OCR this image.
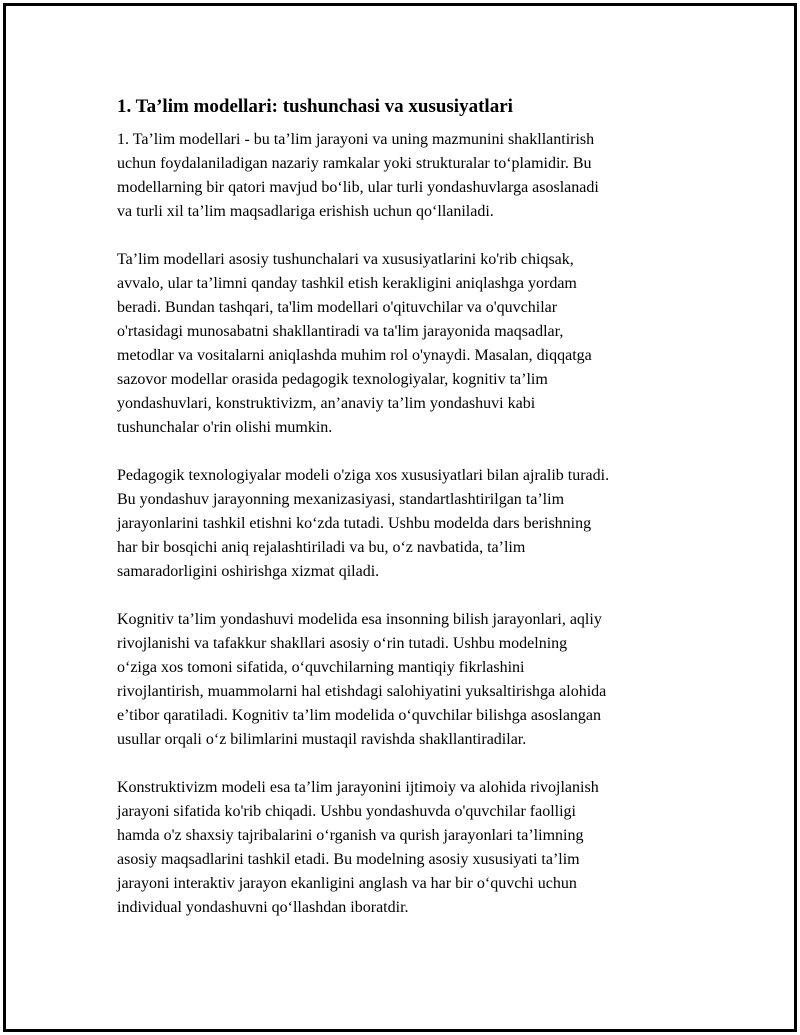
1. Ta’lim modellari: tushunchasi va xususiyatlari

1. Ta’lim modellari - bu ta’lim jarayoni va uning mazmunini shakllantirish
uchun foydalaniladigan nazariy ramkalar yoki strukturalar to‘plamidir. Bu
modellarning bir qatori mavjud bo‘lib, ular turli yondashuvlarga asoslanadi
va turli xil ta’lim maqsadlariga erishish uchun qo‘llaniladi.

Ta’lim modellari asosiy tushunchalari va xususiyatlarini ko'rib chiqsak,
avvalo, ular ta’limni qanday tashkil etish kerakligini aniqlashga yordam
beradi. Bundan tashqari, ta'lim modellari o'qituvchilar va o'quvchilar
o'rtasidagi munosabatni shakllantiradi va ta'lim jarayonida maqsadlar,
metodlar va vositalarni aniqlashda muhim rol o'ynaydi. Masalan, diqqatga
sazovor modellar orasida pedagogik texnologiyalar, kognitiv ta’lim
yondashuvlari, konstruktivizm, an’anaviy ta’lim yondashuvi kabi
tushunchalar o'rin olishi mumkin.

Pedagogik texnologiyalar modeli o'ziga xos xususiyatlari bilan ajralib turadi.
Bu yondashuv jarayonning mexanizasiyasi, standartlashtirilgan ta’lim
jarayonlarini tashkil etishni ko‘zda tutadi. Ushbu modelda dars berishning
har bir bosqichi aniq rejalashtiriladi va bu, o‘z navbatida, ta’lim
samaradorligini oshirishga xizmat qiladi.

Kognitiv ta’lim yondashuvi modelida esa insonning bilish jarayonlari, aqliy
rivojlanishi va tafakkur shakllari asosiy o‘rin tutadi. Ushbu modelning
o‘ziga xos tomoni sifatida, o‘quvchilarning mantiqiy fikrlashini
rivojlantirish, muammolarni hal etishdagi salohiyatini yuksaltirishga alohida
e’tibor qaratiladi. Kognitiv ta’lim modelida o‘quvchilar bilishga asoslangan
usullar orqali o‘z bilimlarini mustaqil ravishda shakllantiradilar.

Konstruktivizm modeli esa ta’lim jarayonini ijtimoiy va alohida rivojlanish
jarayoni sifatida ko'rib chiqadi. Ushbu yondashuvda o'quvchilar faolligi
hamda o'z shaxsiy tajribalarini o‘rganish va qurish jarayonlari ta’limning
asosiy maqsadlarini tashkil etadi. Bu modelning asosiy xususiyati ta’lim
jarayoni interaktiv jarayon ekanligini anglash va har bir o‘quvchi uchun
individual yondashuvni qo‘llashdan iboratdir.
